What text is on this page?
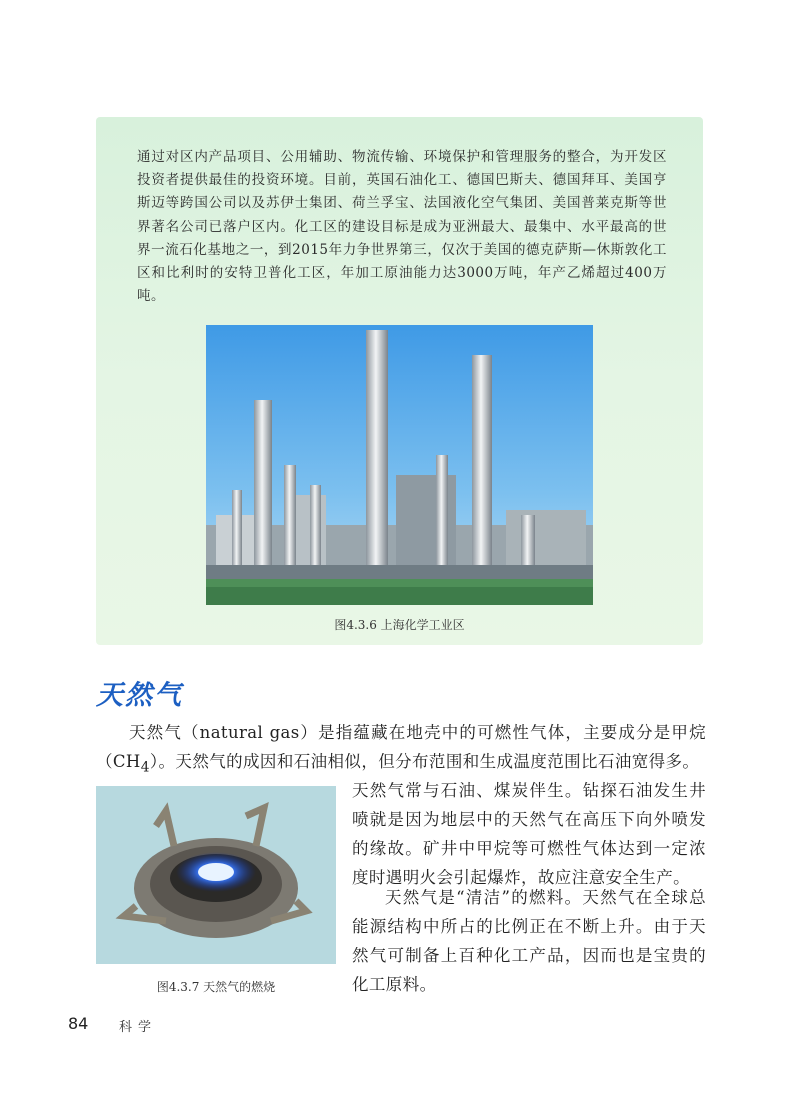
通过对区内产品项目、公用辅助、物流传输、环境保护和管理服务的整合，为开发区投资者提供最佳的投资环境。目前，英国石油化工、德国巴斯夫、德国拜耳、美国亨斯迈等跨国公司以及苏伊士集团、荷兰孚宝、法国液化空气集团、美国普莱克斯等世界著名公司已落户区内。化工区的建设目标是成为亚洲最大、最集中、水平最高的世界一流石化基地之一，到2015年力争世界第三，仅次于美国的德克萨斯—休斯敦化工区和比利时的安特卫普化工区，年加工原油能力达3000万吨，年产乙烯超过400万吨。
图4.3.6 上海化学工业区
天然气
天然气（natural gas）是指蕴藏在地壳中的可燃性气体，主要成分是甲烷$(CH_4)$。天然气的成因和石油相似，但分布范围和生成温度范围比石油宽得多。
图4.3.7 天然气的燃烧
天然气常与石油、煤炭伴生。钻探石油发生井喷就是因为地层中的天然气在高压下向外喷发的缘故。矿井中甲烷等可燃性气体达到一定浓度时遇明火会引起爆炸，故应注意安全生产。
天然气是“清洁”的燃料。天然气在全球总能源结构中所占的比例正在不断上升。由于天然气可制备上百种化工产品，因而也是宝贵的化工原料。
84 科学
